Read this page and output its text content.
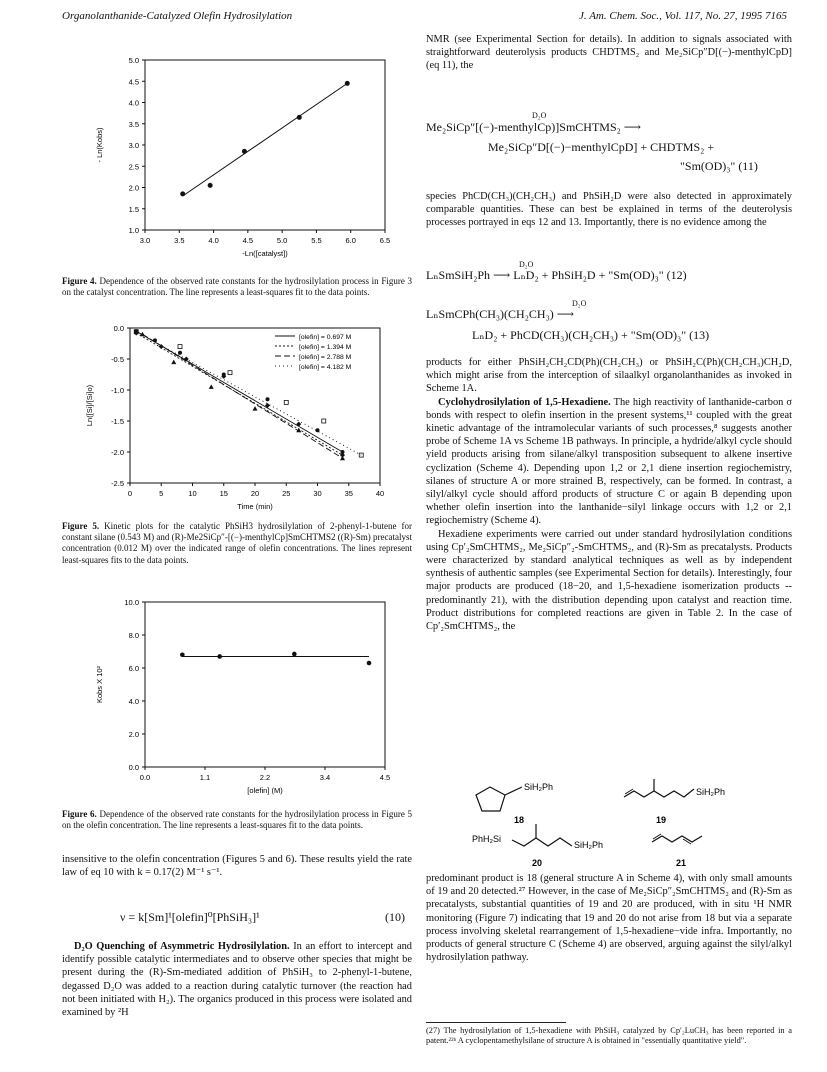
Organolanthanide-Catalyzed Olefin Hydrosilylation	J. Am. Chem. Soc., Vol. 117, No. 27, 1995 7165
3.0	3.5	4.0	4.5	5.0	5.5	6.0	6.5
1.0
1.5
2.0
2.5
3.0
3.5
4.0
4.5
5.0
-Ln([catalyst])
- Ln(Kobs)
Figure 4. Dependence of the observed rate constants for the hydrosilylation process in Figure 3 on the catalyst concentration. The line represents a least-squares fit to the data points.
0	5	10	15	20	25	30	35	40
0.0
-0.5
-1.0
-1.5
-2.0
-2.5
Time (min)
Ln([Si]/[Si]o)
[olefin] = 0.697 M
[olefin] = 1.394 M
[olefin] = 2.788 M
[olefin] = 4.182 M
Figure 5. Kinetic plots for the catalytic PhSiH3 hydrosilylation of 2-phenyl-1-butene for constant silane (0.543 M) and (R)-Me2SiCp″-[(−)-menthylCp]SmCHTMS2 ((R)-Sm) precatalyst concentration (0.012 M) over the indicated range of olefin concentrations. The lines represent least-squares fits to the data points.
0.0	1.1	2.2	3.4	4.5
0.0
2.0
4.0
6.0
8.0
10.0
[olefin] (M)
Kobs X 10²
Figure 6. Dependence of the observed rate constants for the hydrosilylation process in Figure 5 on the olefin concentration. The line represents a least-squares fit to the data points.

insensitive to the olefin concentration (Figures 5 and 6). These results yield the rate law of eq 10 with k = 0.17(2) M⁻¹ s⁻¹.

ν = k[Sm]¹[olefin]⁰[PhSiH₃]¹	(10)

D₂O Quenching of Asymmetric Hydrosilylation. In an effort to intercept and identify possible catalytic intermediates and to observe other species that might be present during the (R)-Sm-mediated addition of PhSiH₃ to 2-phenyl-1-butene, degassed D₂O was added to a reaction during catalytic turnover (the reaction had not been initiated with H₂). The organics produced in this process were isolated and examined by ²H

NMR (see Experimental Section for details). In addition to signals associated with straightforward deuterolysis products CHDTMS₂ and Me₂SiCp″D[(−)-menthylCpD] (eq 11), the

D₂O
Me₂SiCp″[(−)-menthylCp)]SmCHTMS₂ ⟶
Me₂SiCp″D[(−)−menthylCpD] + CHDTMS₂ +
"Sm(OD)₃" (11)

species PhCD(CH₃)(CH₂CH₃) and PhSiH₂D were also detected in approximately comparable quantities. These can best be explained in terms of the deuterolysis processes portrayed in eqs 12 and 13. Importantly, there is no evidence among the

D₂O
LₙSmSiH₂Ph ⟶ LₙD₂ + PhSiH₂D + "Sm(OD)₃" (12)
D₂O
LₙSmCPh(CH₃)(CH₂CH₃) ⟶
LₙD₂ + PhCD(CH₃)(CH₂CH₃) + "Sm(OD)₃" (13)

products for either PhSiH₂CH₂CD(Ph)(CH₂CH₃) or PhSiH₂C(Ph)(CH₂CH₃)CH₂D, which might arise from the interception of silaalkyl organolanthanides as invoked in Scheme 1A.

Cyclohydrosilylation of 1,5-Hexadiene. The high reactivity of lanthanide-carbon σ bonds with respect to olefin insertion in the present systems,¹¹ coupled with the great kinetic advantage of the intramolecular variants of such processes,⁸ suggests another probe of Scheme 1A vs Scheme 1B pathways. In principle, a hydride/alkyl cycle should yield products arising from silane/alkyl transposition subsequent to alkene insertive cyclization (Scheme 4). Depending upon 1,2 or 2,1 diene insertion regiochemistry, silanes of structure A or more strained B, respectively, can be formed. In contrast, a silyl/alkyl cycle should afford products of structure C or again B depending upon whether olefin insertion into the lanthanide−silyl linkage occurs with 1,2 or 2,1 regiochemistry (Scheme 4).

Hexadiene experiments were carried out under standard hydrosilylation conditions using Cp′₂SmCHTMS₂, Me₂SiCp″₂-SmCHTMS₂, and (R)-Sm as precatalysts. Products were characterized by standard analytical techniques as well as by independent synthesis of authentic samples (see Experimental Section for details). Interestingly, four major products are produced (18−20, and 1,5-hexadiene isomerization products -- predominantly 21), with the distribution depending upon catalyst and reaction time. Product distributions for completed reactions are given in Table 2. In the case of Cp′₂SmCHTMS₂, the

SiH₂Ph
18
SiH₂Ph
19
PhH₂Si
SiH₂Ph
20	21

predominant product is 18 (general structure A in Scheme 4), with only small amounts of 19 and 20 detected.²⁷ However, in the case of Me₂SiCp″₂SmCHTMS₂ and (R)-Sm as precatalysts, substantial quantities of 19 and 20 are produced, with in situ ¹H NMR monitoring (Figure 7) indicating that 19 and 20 do not arise from 18 but via a separate process involving skeletal rearrangement of 1,5-hexadiene−vide infra. Importantly, no products of general structure C (Scheme 4) are observed, arguing against the silyl/alkyl hydrosilylation pathway.

(27) The hydrosilylation of 1,5-hexadiene with PhSiH₃ catalyzed by Cp′₂LuCH₃ has been reported in a patent.²²ᵇ A cyclopentamethylsilane of structure A is obtained in "essentially quantitative yield".
